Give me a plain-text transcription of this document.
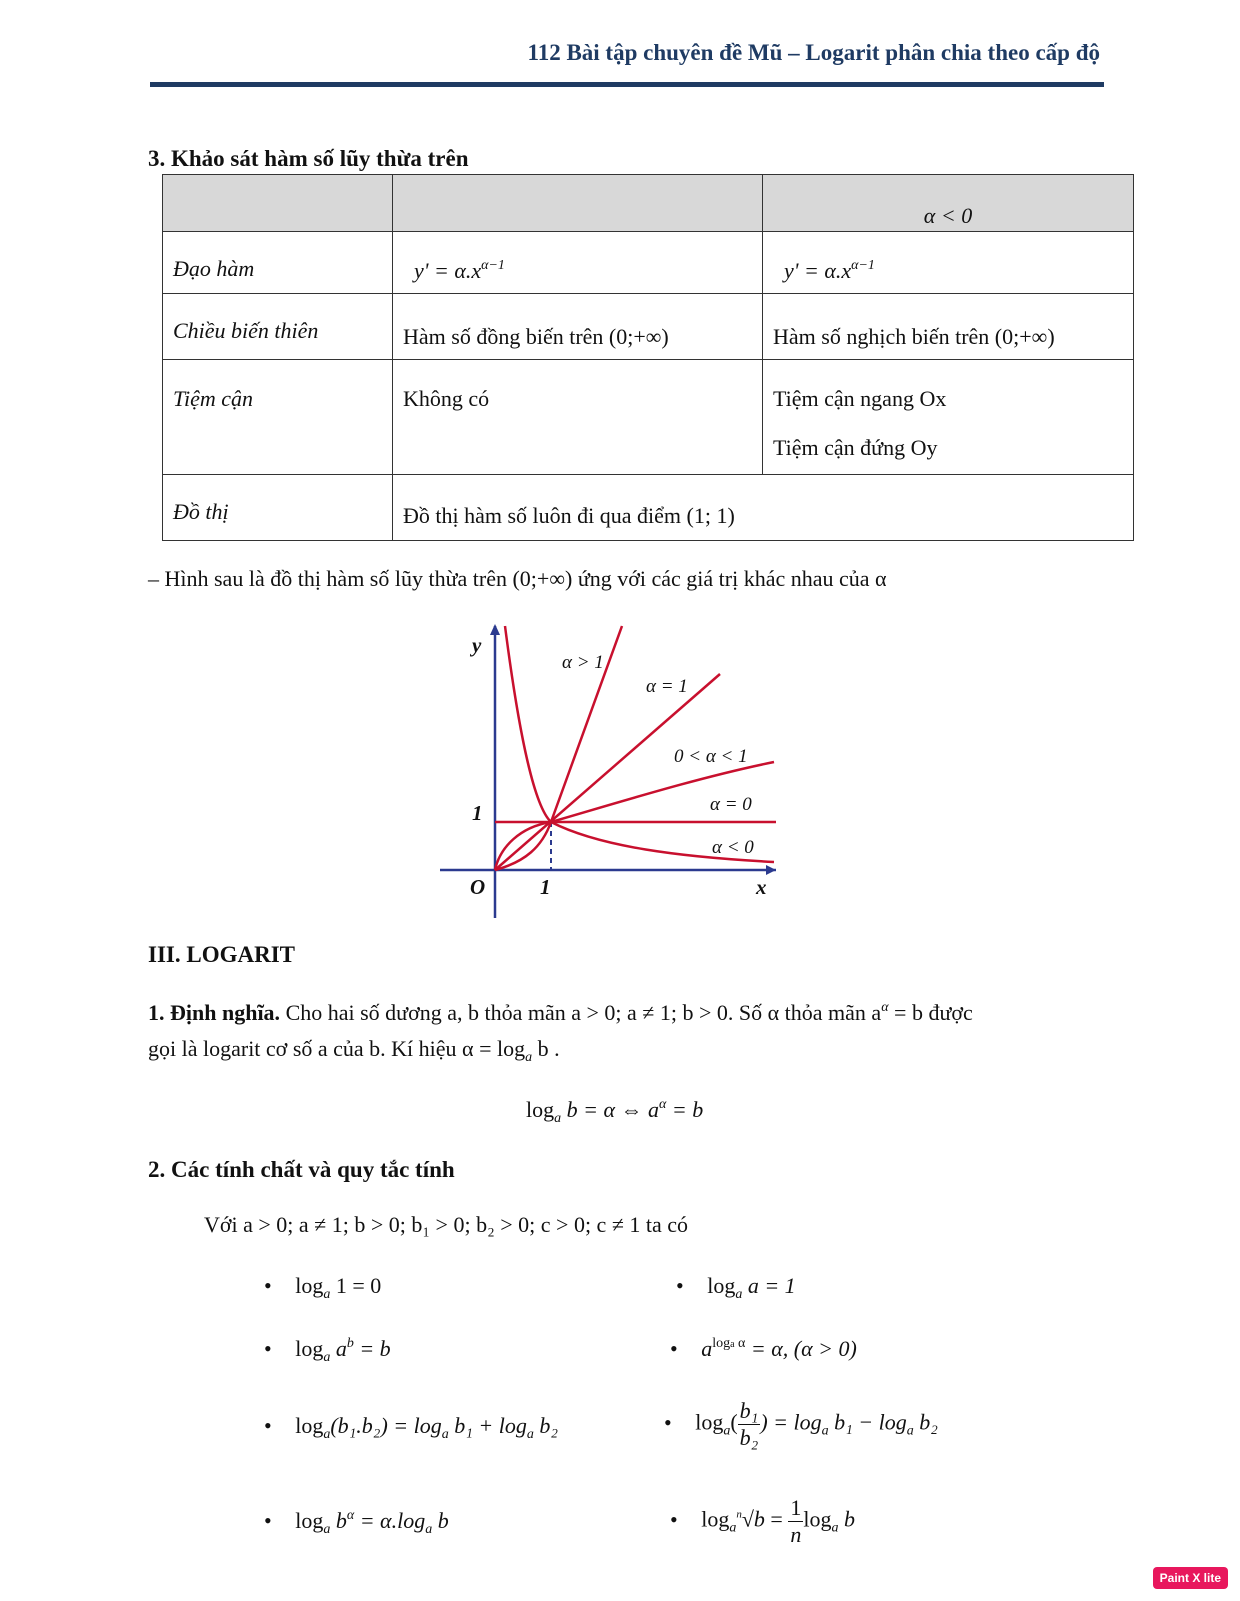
112 Bài tập chuyên đề Mũ – Logarit phân chia theo cấp độ
3. Khảo sát hàm số lũy thừa trên
		α < 0
Đạo hàm	$y' = \alpha.x^{\alpha-1}$	$y' = \alpha.x^{\alpha-1}$
Chiều biến thiên	Hàm số đồng biến trên (0;+∞)	Hàm số nghịch biến trên (0;+∞)
Tiệm cận	Không có	Tiệm cận ngang Ox
Tiệm cận đứng Oy

Đồ thị	Đồ thị hàm số luôn đi qua điểm (1; 1)	
– Hình sau là đồ thị hàm số lũy thừa trên (0;+∞) ứng với các giá trị khác nhau của α
y
x
O	1
1
α > 1
α = 1
0 < α < 1
α = 0
α < 0
III. LOGARIT
1. Định nghĩa. Cho hai số dương a, b thỏa mãn a > 0; a ≠ 1; b > 0. Số α thỏa mãn $a^\alpha = b$ được
gọi là logarit cơ số a của b. Kí hiệu $\alpha = \log_a b$ .
$\log_a b = \alpha$ ⇔ $a^\alpha = b$
2. Các tính chất và quy tắc tính
Với a > 0; a ≠ 1; b > 0; b₁ > 0; b₂ > 0; c > 0; c ≠ 1 ta có
• $\log_a 1 = 0$
• $\log_a a^b = b$
• $\log_a(b_1.b_2) = \log_a b_1 + \log_a b_2$
• $\log_a b^\alpha = \alpha.\log_a$ b
• $\log_a a = 1$
• $a^{loga \alpha} = \alpha$, (α > 0)
• $\log_a( \frac{\text{b₁}}{\text{b₂}}$ ) = $\log_a b_1 - \log_a b_2$
• $\log_a^n√b = \frac{1}{n} \log_a b$
Paint X lite
